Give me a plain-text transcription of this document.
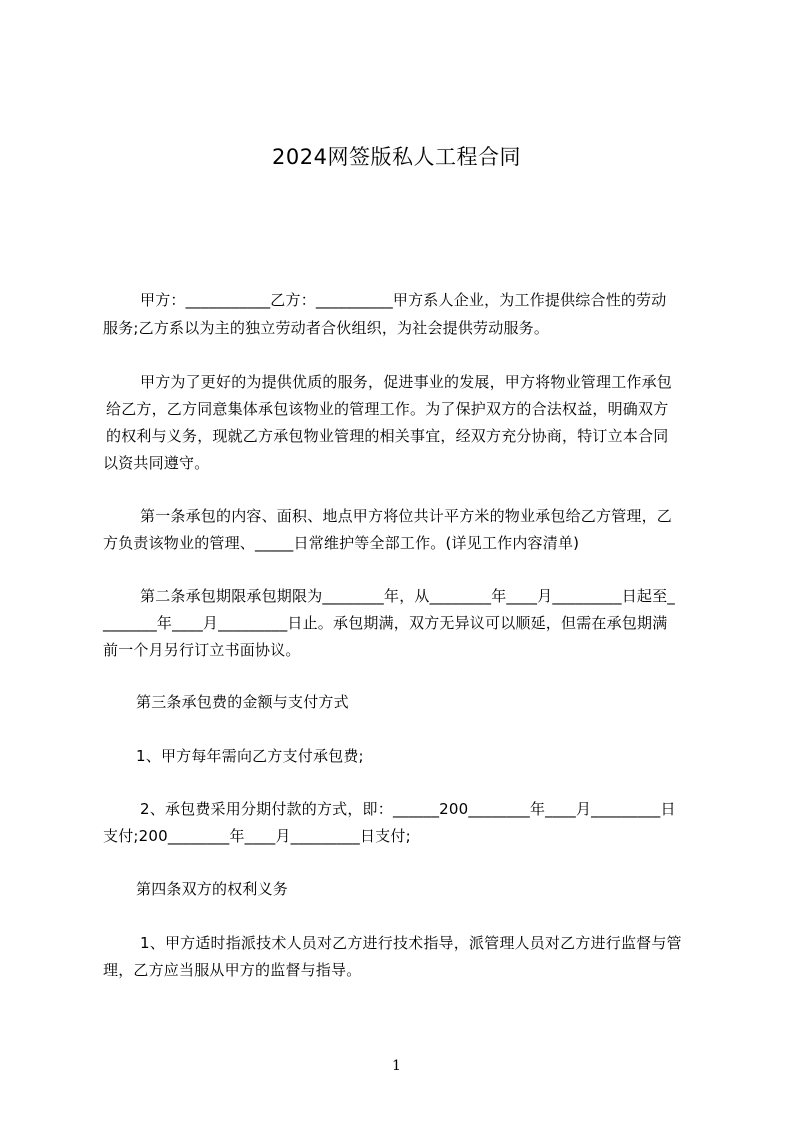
2024网签版私人工程合同
甲方：___________乙方：__________甲方系人企业，为工作提供综合性的劳动
服务;乙方系以为主的独立劳动者合伙组织，为社会提供劳动服务。
甲方为了更好的为提供优质的服务，促进事业的发展，甲方将物业管理工作承包
给乙方，乙方同意集体承包该物业的管理工作。为了保护双方的合法权益，明确双方
的权利与义务，现就乙方承包物业管理的相关事宜，经双方充分协商，特订立本合同
以资共同遵守。
第一条承包的内容、面积、地点甲方将位共计平方米的物业承包给乙方管理，乙
方负责该物业的管理、_____日常维护等全部工作。(详见工作内容清单)
第二条承包期限承包期限为________年，从________年____月_________日起至_
_______年____月_________日止。承包期满，双方无异议可以顺延，但需在承包期满
前一个月另行订立书面协议。
第三条承包费的金额与支付方式
1、甲方每年需向乙方支付承包费;
2、承包费采用分期付款的方式，即：______200________年____月_________日
支付;200________年____月_________日支付;
第四条双方的权利义务
1、甲方适时指派技术人员对乙方进行技术指导，派管理人员对乙方进行监督与管
理，乙方应当服从甲方的监督与指导。
1
